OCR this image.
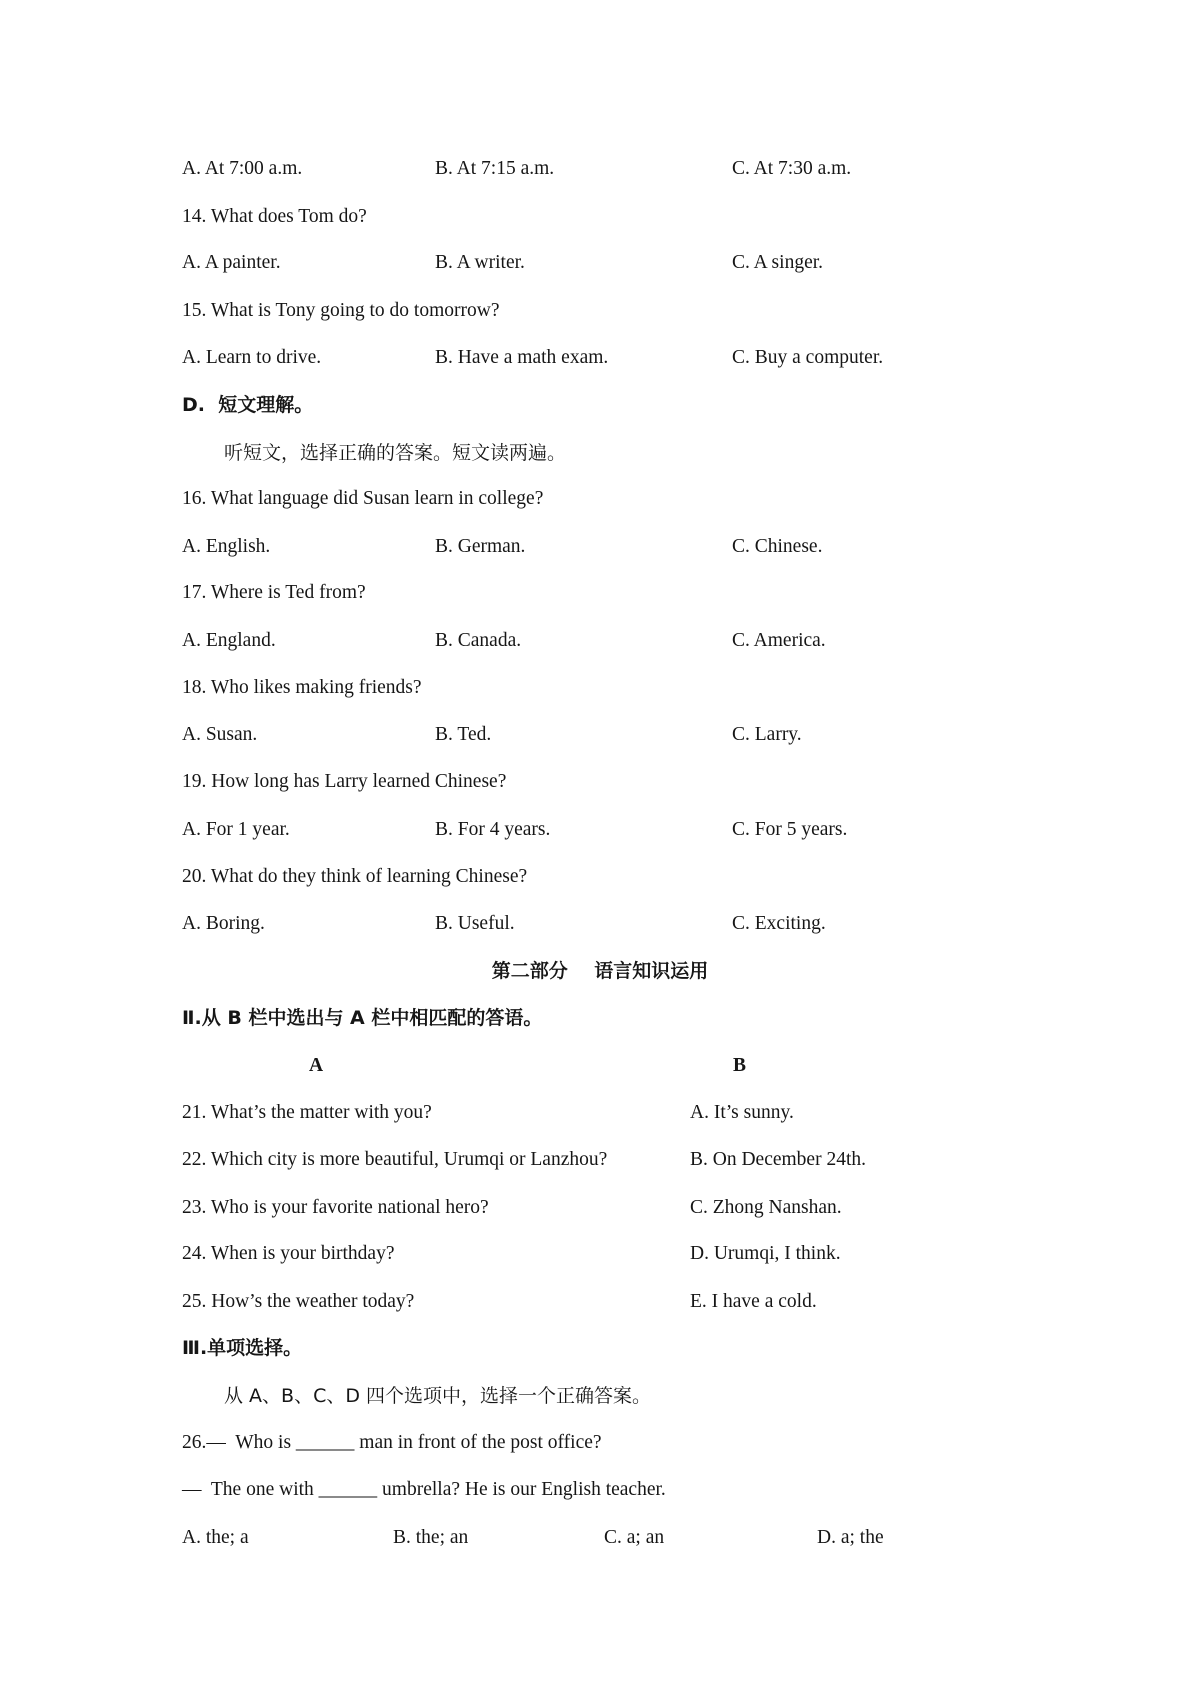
A. At 7:00 a.m.	B. At 7:15 a.m.	C. At 7:30 a.m.
14. What does Tom do?
A. A painter.	B. A writer.	C. A singer.
15. What is Tony going to do tomorrow?
A. Learn to drive.	B. Have a math exam.	C. Buy a computer.
D.  短文理解。
听短文，选择正确的答案。短文读两遍。
16. What language did Susan learn in college?
A. English.	B. German.	C. Chinese.
17. Where is Ted from?
A. England.	B. Canada.	C. America.
18. Who likes making friends?
A. Susan.	B. Ted.	C. Larry.
19. How long has Larry learned Chinese?
A. For 1 year.	B. For 4 years.	C. For 5 years.
20. What do they think of learning Chinese?
A. Boring.	B. Useful.	C. Exciting.
第二部分    语言知识运用
Ⅱ.从 B 栏中选出与 A 栏中相匹配的答语。
A	B
21. What’s the matter with you?	A. It’s sunny.
22. Which city is more beautiful, Urumqi or Lanzhou?	B. On December 24th.
23. Who is your favorite national hero?	C. Zhong Nanshan.
24. When is your birthday?	D. Urumqi, I think.
25. How’s the weather today?	E. I have a cold.
Ⅲ.单项选择。
从 A、B、C、D 四个选项中，选择一个正确答案。
26.—  Who is ______ man in front of the post office?
—  The one with ______ umbrella? He is our English teacher.
A. the; a	B. the; an	C. a; an	D. a; the
